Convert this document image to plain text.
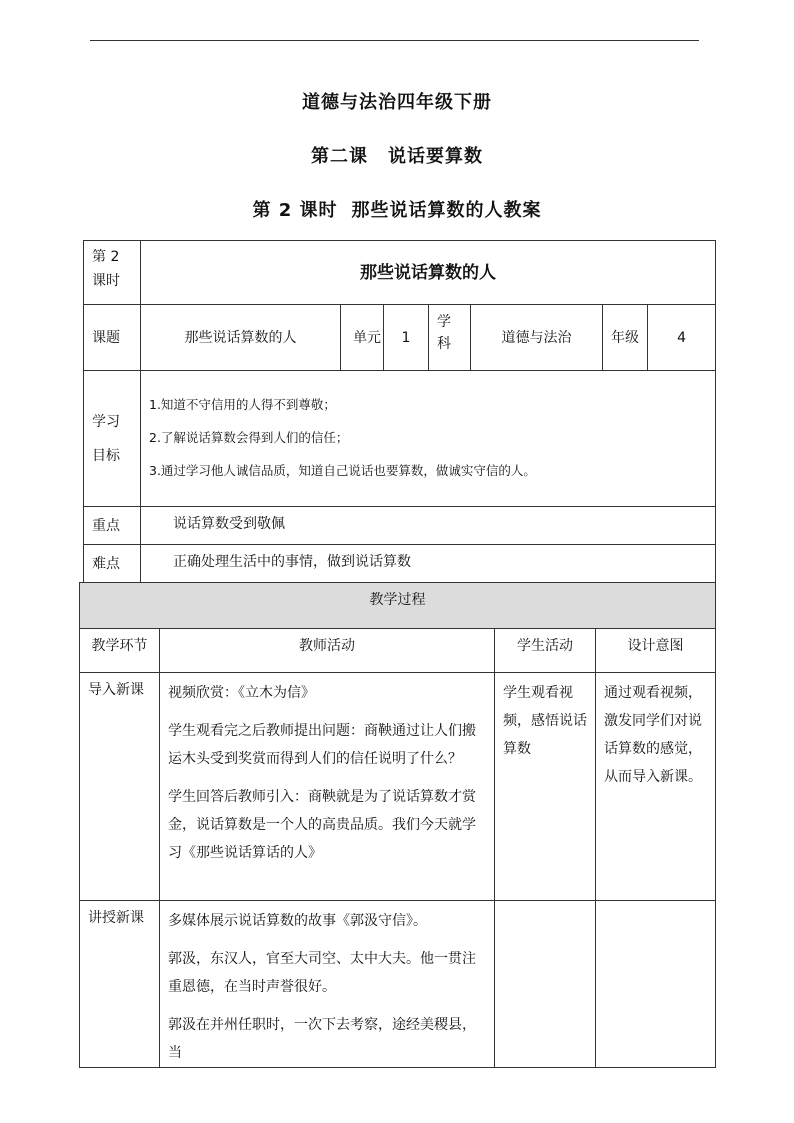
道德与法治四年级下册
第二课 说话要算数
第 2 课时 那些说话算数的人教案
第 2 课时	那些说话算数的人						
课题	那些说话算数的人	单元	1	学科	道德与法治	年级	4
学习目标	1.知道不守信用的人得不到尊敬；

2.了解说话算数会得到人们的信任；

3.通过学习他人诚信品质，知道自己说话也要算数，做诚实守信的人。						

重点	说话算数受到敬佩						
难点	正确处理生活中的事情，做到说话算数						
教学过程			
教学环节	教师活动	学生活动	设计意图
导入新课	视频欣赏：《立木为信》

学生观看完之后教师提出问题：商鞅通过让人们搬运木头受到奖赏而得到人们的信任说明了什么？

学生回答后教师引入：商鞅就是为了说话算数才赏金，说话算数是一个人的高贵品质。我们今天就学习《那些说话算话的人》	学生观看视频，感悟说话算数	通过观看视频，激发同学们对说话算数的感觉，从而导入新课。
讲授新课	多媒体展示说话算数的故事《郭汲守信》。

郭汲，东汉人，官至大司空、太中大夫。他一贯注重恩德，在当时声誉很好。

郭汲在并州任职时，一次下去考察，途经美稷县，当		
